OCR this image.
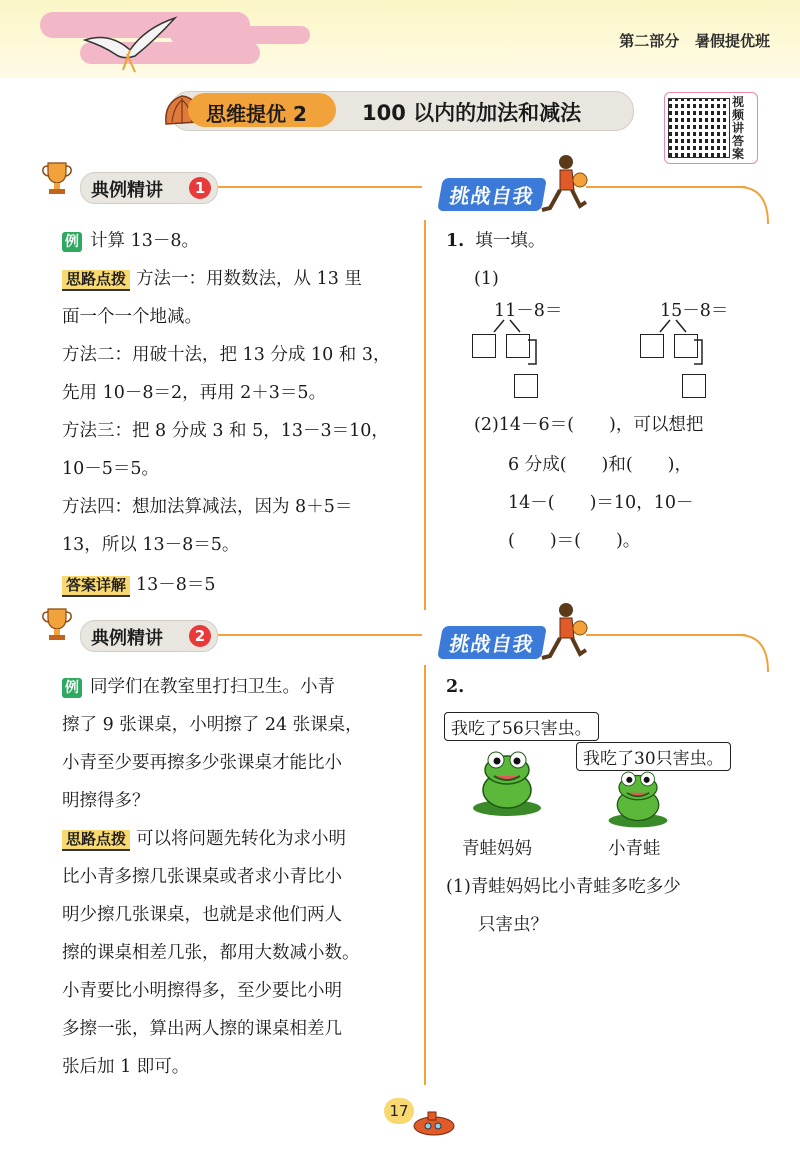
第二部分 暑假提优班
思维提优 2	100 以内的加法和减法	视频讲答案
典例精讲	1	挑战自我
例 计算 13－8。
思路点拨 方法一：用数数法，从 13 里
面一个一个地减。
方法二：用破十法，把 13 分成 10 和 3，
先用 10－8＝2，再用 2＋3＝5。
方法三：把 8 分成 3 和 5，13－3＝10，
10－5＝5。
方法四：想加法算减法，因为 8＋5＝
13，所以 13－8＝5。
答案详解 13－8＝5
1. 填一填。
(1)
11－8＝	15－8＝
(2)14－6＝(　　)，可以想把
6 分成(　　)和(　　)，
14－(　　)＝10，10－
(　　)＝(　　)。
典例精讲	2	挑战自我
例 同学们在教室里打扫卫生。小青
擦了 9 张课桌，小明擦了 24 张课桌，
小青至少要再擦多少张课桌才能比小
明擦得多？
思路点拨 可以将问题先转化为求小明
比小青多擦几张课桌或者求小青比小
明少擦几张课桌，也就是求他们两人
擦的课桌相差几张，都用大数减小数。
小青要比小明擦得多，至少要比小明
多擦一张，算出两人擦的课桌相差几
张后加 1 即可。
2.
我吃了56只害虫。
我吃了30只害虫。
青蛙妈妈	小青蛙
(1)青蛙妈妈比小青蛙多吃多少
只害虫？
17
